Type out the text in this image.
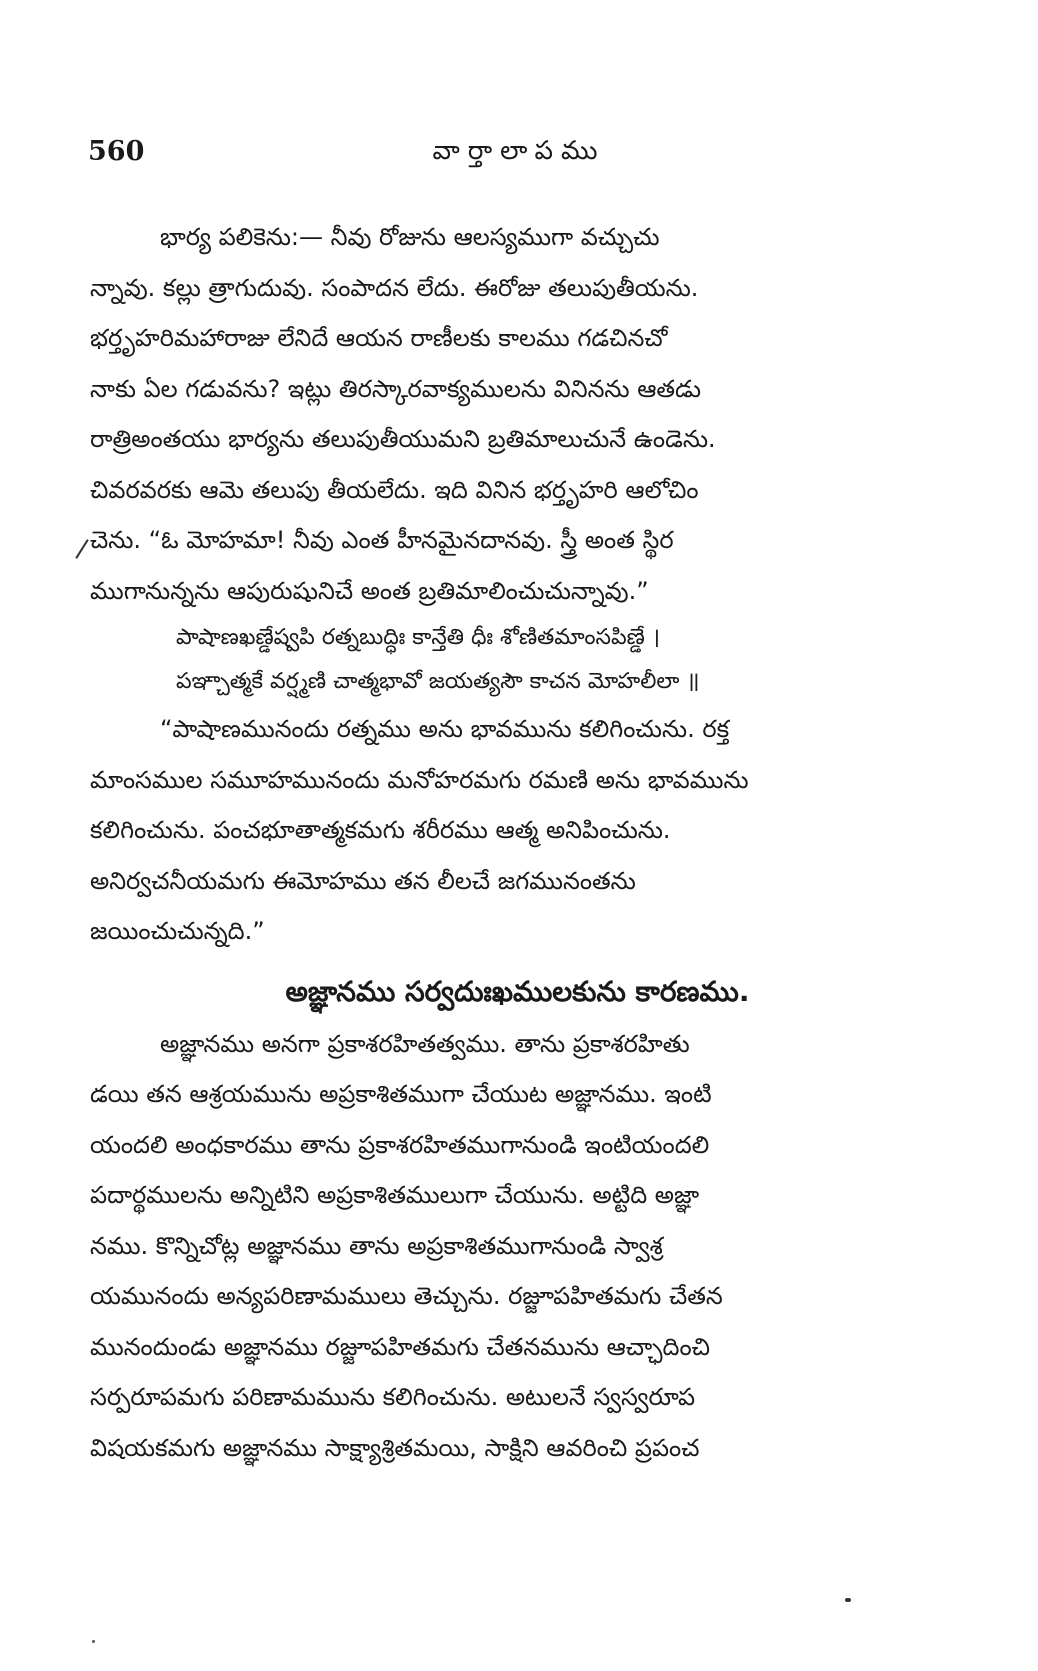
560	వార్తాలాపము
భార్య పలికెను:— నీవు రోజును ఆలస్యముగా వచ్చుచు
న్నావు. కల్లు త్రాగుదువు. సంపాదన లేదు. ఈరోజు తలుపుతీయను.
భర్తృహరిమహారాజు లేనిదే ఆయన రాణీలకు కాలము గడచినచో
నాకు ఏల గడువను? ఇట్లు తిరస్కారవాక్యములను వినినను ఆతడు
రాత్రిఅంతయు భార్యను తలుపుతీయుమని బ్రతిమాలుచునే ఉండెను.
చివరవరకు ఆమె తలుపు తీయలేదు. ఇది వినిన భర్తృహరి ఆలోచిం
చెను. “ఓ మోహమా! నీవు ఎంత హీనమైనదానవు. స్త్రీ అంత స్థిర
ముగానున్నను ఆపురుషునిచే అంత బ్రతిమాలించుచున్నావు.”
పాషాణఖణ్డేష్వపి రత్నబుద్ధిః కాన్తేతి ధీః శోణితమాంసపిణ్డే ।
పఞ్చాత్మకే వర్ష్మణి చాత్మభావో జయత్యసౌ కాచన మోహలీలా ॥
“పాషాణమునందు రత్నము అను భావమును కలిగించును. రక్త
మాంసముల సమూహమునందు మనోహరమగు రమణి అను భావమును
కలిగించును. పంచభూతాత్మకమగు శరీరము ఆత్మ అనిపించును.
అనిర్వచనీయమగు ఈమోహము తన లీలచే జగమునంతను
జయించుచున్నది.”
అజ్ఞానము సర్వదుఃఖములకును కారణము.
అజ్ఞానము అనగా ప్రకాశరహితత్వము. తాను ప్రకాశరహితు
డయి తన ఆశ్రయమును అప్రకాశితముగా చేయుట అజ్ఞానము. ఇంటి
యందలి అంధకారము తాను ప్రకాశరహితముగానుండి ఇంటియందలి
పదార్థములను అన్నిటిని అప్రకాశితములుగా చేయును. అట్టిది అజ్ఞా
నము. కొన్నిచోట్ల అజ్ఞానము తాను అప్రకాశితముగానుండి స్వాశ్ర
యమునందు అన్యపరిణామములు తెచ్చును. రజ్జూపహితమగు చేతన
మునందుండు అజ్ఞానము రజ్జూపహితమగు చేతనమును ఆచ్ఛాదించి
సర్పరూపమగు పరిణామమును కలిగించును. అటులనే స్వస్వరూప
విషయకమగు అజ్ఞానము సాక్ష్యాశ్రితమయి, సాక్షిని ఆవరించి ప్రపంచ
